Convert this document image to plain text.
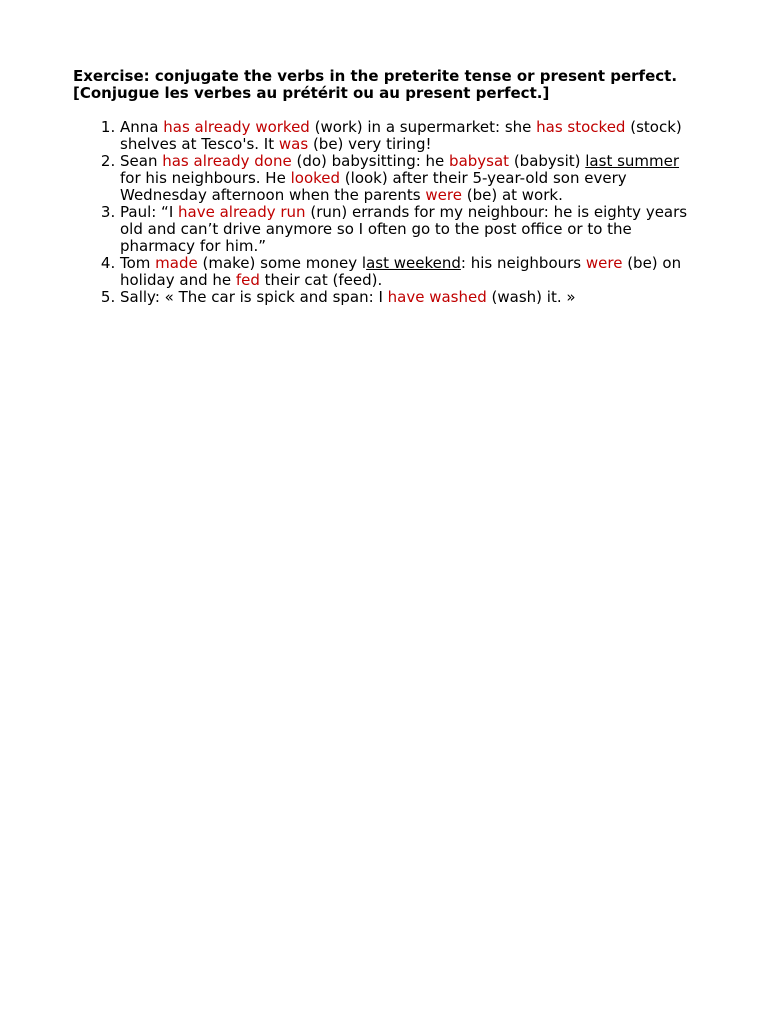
Exercise: conjugate the verbs in the preterite tense or present perfect.
[Conjugue les verbes au prétérit ou au present perfect.]

1. Anna has already worked (work) in a supermarket: she has stocked (stock) shelves at Tesco's. It was (be) very tiring!
2. Sean has already done (do) babysitting: he babysat (babysit) last summer for his neighbours. He looked (look) after their 5-year-old son every Wednesday afternoon when the parents were (be) at work.
3. Paul: “I have already run (run) errands for my neighbour: he is eighty years old and can’t drive anymore so I often go to the post office or to the pharmacy for him.”
4. Tom made (make) some money last weekend: his neighbours were (be) on holiday and he fed their cat (feed).
5. Sally: « The car is spick and span: I have washed (wash) it. »
